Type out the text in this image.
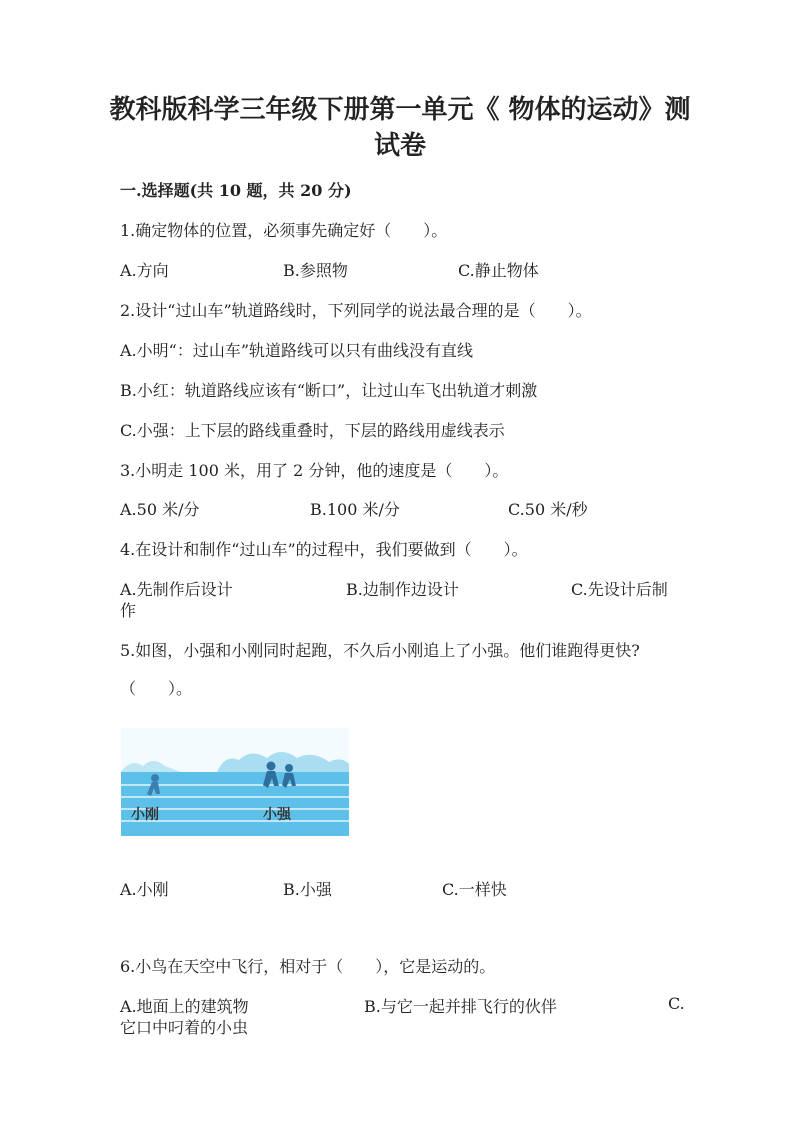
教科版科学三年级下册第一单元《 物体的运动》测
试卷
一.选择题(共 10 题，共 20 分)
1.确定物体的位置，必须事先确定好（　　）。
A.方向	B.参照物	C.静止物体
2.设计“过山车”轨道路线时，下列同学的说法最合理的是（　　）。
A.小明“：过山车”轨道路线可以只有曲线没有直线
B.小红：轨道路线应该有“断口”，让过山车飞出轨道才刺激
C.小强：上下层的路线重叠时，下层的路线用虚线表示
3.小明走 100 米，用了 2 分钟，他的速度是（　　）。
A.50 米/分	B.100 米/分	C.50 米/秒
4.在设计和制作“过山车”的过程中，我们要做到（　　）。
A.先制作后设计	B.边制作边设计	C.先设计后制
作
5.如图，小强和小刚同时起跑，不久后小刚追上了小强。他们谁跑得更快?
（　　）。
小刚	小强
A.小刚	B.小强	C.一样快
6.小鸟在天空中飞行，相对于（　　），它是运动的。
A.地面上的建筑物	B.与它一起并排飞行的伙伴	C.
它口中叼着的小虫
